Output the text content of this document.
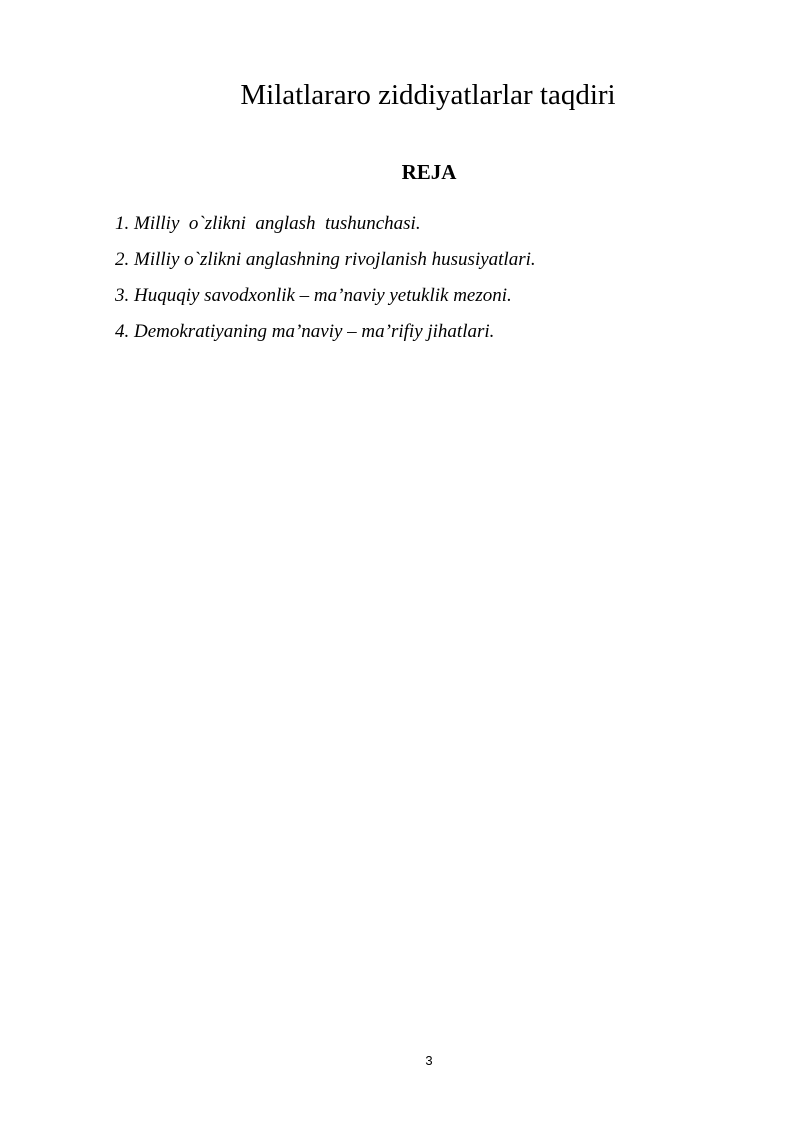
Milatlararo ziddiyatlarlar taqdiri
REJA
1. Milliy  o`zlikni  anglash  tushunchasi.
2. Milliy o`zlikni anglashning rivojlanish hususiyatlari.
3. Huquqiy savodxonlik – ma’naviy yetuklik mezoni.
4. Demokratiyaning ma’naviy – ma’rifiy jihatlari.
3
